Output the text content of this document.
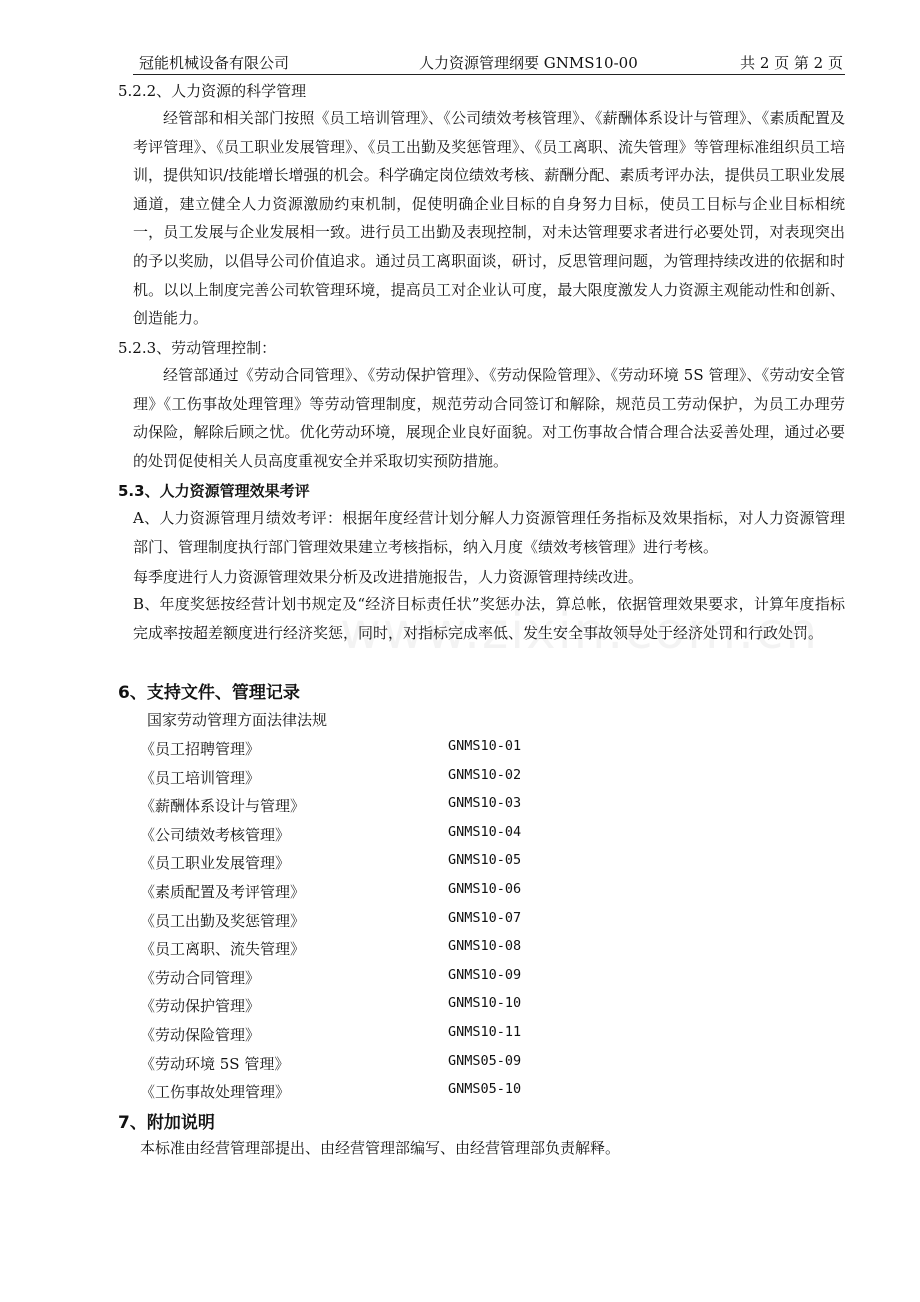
冠能机械设备有限公司	人力资源管理纲要 GNMS10-00	共 2 页 第 2 页
5.2.2、人力资源的科学管理
经管部和相关部门按照《员工培训管理》、《公司绩效考核管理》、《薪酬体系设计与管理》、《素质配置及考评管理》、《员工职业发展管理》、《员工出勤及奖惩管理》、《员工离职、流失管理》等管理标准组织员工培训，提供知识/技能增长增强的机会。科学确定岗位绩效考核、薪酬分配、素质考评办法，提供员工职业发展通道，建立健全人力资源激励约束机制，促使明确企业目标的自身努力目标，使员工目标与企业目标相统一，员工发展与企业发展相一致。进行员工出勤及表现控制，对未达管理要求者进行必要处罚，对表现突出的予以奖励，以倡导公司价值追求。通过员工离职面谈，研讨，反思管理问题，为管理持续改进的依据和时机。以以上制度完善公司软管理环境，提高员工对企业认可度，最大限度激发人力资源主观能动性和创新、创造能力。
5.2.3、劳动管理控制：
经管部通过《劳动合同管理》、《劳动保护管理》、《劳动保险管理》、《劳动环境 5S 管理》、《劳动安全管理》《工伤事故处理管理》等劳动管理制度，规范劳动合同签订和解除，规范员工劳动保护，为员工办理劳动保险，解除后顾之忧。优化劳动环境，展现企业良好面貌。对工伤事故合情合理合法妥善处理，通过必要的处罚促使相关人员高度重视安全并采取切实预防措施。
5.3、人力资源管理效果考评
A、人力资源管理月绩效考评：根据年度经营计划分解人力资源管理任务指标及效果指标，对人力资源管理部门、管理制度执行部门管理效果建立考核指标，纳入月度《绩效考核管理》进行考核。
每季度进行人力资源管理效果分析及改进措施报告，人力资源管理持续改进。
B、年度奖惩按经营计划书规定及“经济目标责任状”奖惩办法，算总帐，依据管理效果要求，计算年度指标完成率按超差额度进行经济奖惩，同时，对指标完成率低、发生安全事故领导处于经济处罚和行政处罚。
6、支持文件、管理记录
国家劳动管理方面法律法规
《员工招聘管理》	GNMS10-01
《员工培训管理》	GNMS10-02
《薪酬体系设计与管理》	GNMS10-03
《公司绩效考核管理》	GNMS10-04
《员工职业发展管理》	GNMS10-05
《素质配置及考评管理》	GNMS10-06
《员工出勤及奖惩管理》	GNMS10-07
《员工离职、流失管理》	GNMS10-08
《劳动合同管理》	GNMS10-09
《劳动保护管理》	GNMS10-10
《劳动保险管理》	GNMS10-11
《劳动环境 5S 管理》	GNMS05-09
《工伤事故处理管理》	GNMS05-10
7、附加说明
本标准由经营管理部提出、由经营管理部编写、由经营管理部负责解释。
